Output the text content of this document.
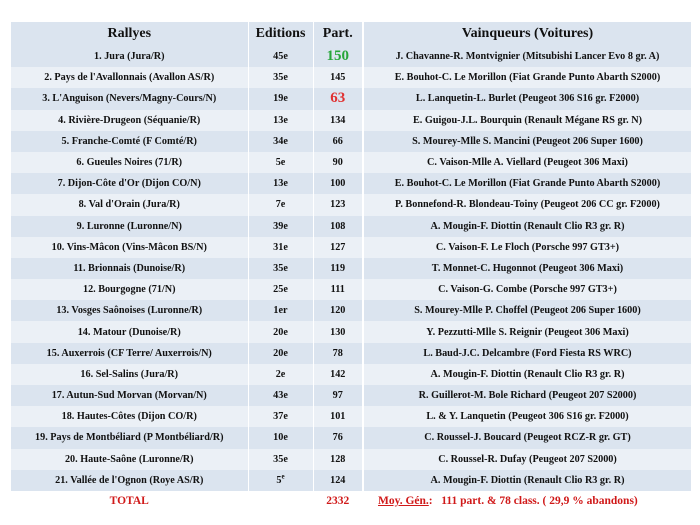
Rallyes	Editions	Part.	Vainqueurs (Voitures)
1. Jura (Jura/R)	45e	150	J. Chavanne-R. Montvignier (Mitsubishi Lancer Evo 8 gr. A)
2. Pays de l'Avallonnais (Avallon AS/R)	35e	145	E. Bouhot-C. Le Morillon (Fiat Grande Punto Abarth S2000)
3. L'Anguison (Nevers/Magny-Cours/N)	19e	63	L. Lanquetin-L. Burlet (Peugeot 306 S16 gr. F2000)
4. Rivière-Drugeon (Séquanie/R)	13e	134	E. Guigou-J.L. Bourquin (Renault Mégane RS gr. N)
5. Franche-Comté (F Comté/R)	34e	66	S. Mourey-Mlle S. Mancini (Peugeot 206 Super 1600)
6. Gueules Noires (71/R)	5e	90	C. Vaison-Mlle A. Viellard (Peugeot 306 Maxi)
7. Dijon-Côte d'Or (Dijon CO/N)	13e	100	E. Bouhot-C. Le Morillon (Fiat Grande Punto Abarth S2000)
8. Val d'Orain (Jura/R)	7e	123	P. Bonnefond-R. Blondeau-Toiny (Peugeot 206 CC gr. F2000)
9. Luronne (Luronne/N)	39e	108	A. Mougin-F. Diottin (Renault Clio R3 gr. R)
10. Vins-Mâcon (Vins-Mâcon BS/N)	31e	127	C. Vaison-F. Le Floch (Porsche 997 GT3+)
11. Brionnais (Dunoise/R)	35e	119	T. Monnet-C. Hugonnot (Peugeot 306 Maxi)
12. Bourgogne (71/N)	25e	111	C. Vaison-G. Combe (Porsche 997 GT3+)
13. Vosges Saônoises (Luronne/R)	1er	120	S. Mourey-Mlle P. Choffel (Peugeot 206 Super 1600)
14. Matour (Dunoise/R)	20e	130	Y. Pezzutti-Mlle S. Reignir (Peugeot 306 Maxi)
15. Auxerrois (CF Terre/ Auxerrois/N)	20e	78	L. Baud-J.C. Delcambre (Ford Fiesta RS WRC)
16. Sel-Salins (Jura/R)	2e	142	A. Mougin-F. Diottin (Renault Clio R3 gr. R)
17. Autun-Sud Morvan (Morvan/N)	43e	97	R. Guillerot-M. Bole Richard (Peugeot 207 S2000)
18. Hautes-Côtes (Dijon CO/R)	37e	101	L. & Y. Lanquetin (Peugeot 306 S16 gr. F2000)
19. Pays de Montbéliard (P Montbéliard/R)	10e	76	C. Roussel-J. Boucard (Peugeot RCZ-R gr. GT)
20. Haute-Saône (Luronne/R)	35e	128	C. Roussel-R. Dufay (Peugeot 207 S2000)
21. Vallée de l'Ognon (Roye AS/R)	5e	124	A. Mougin-F. Diottin (Renault Clio R3 gr. R)
TOTAL		2332	Moy. Gén.: 111 part. & 78 class. ( 29,9 % abandons)
